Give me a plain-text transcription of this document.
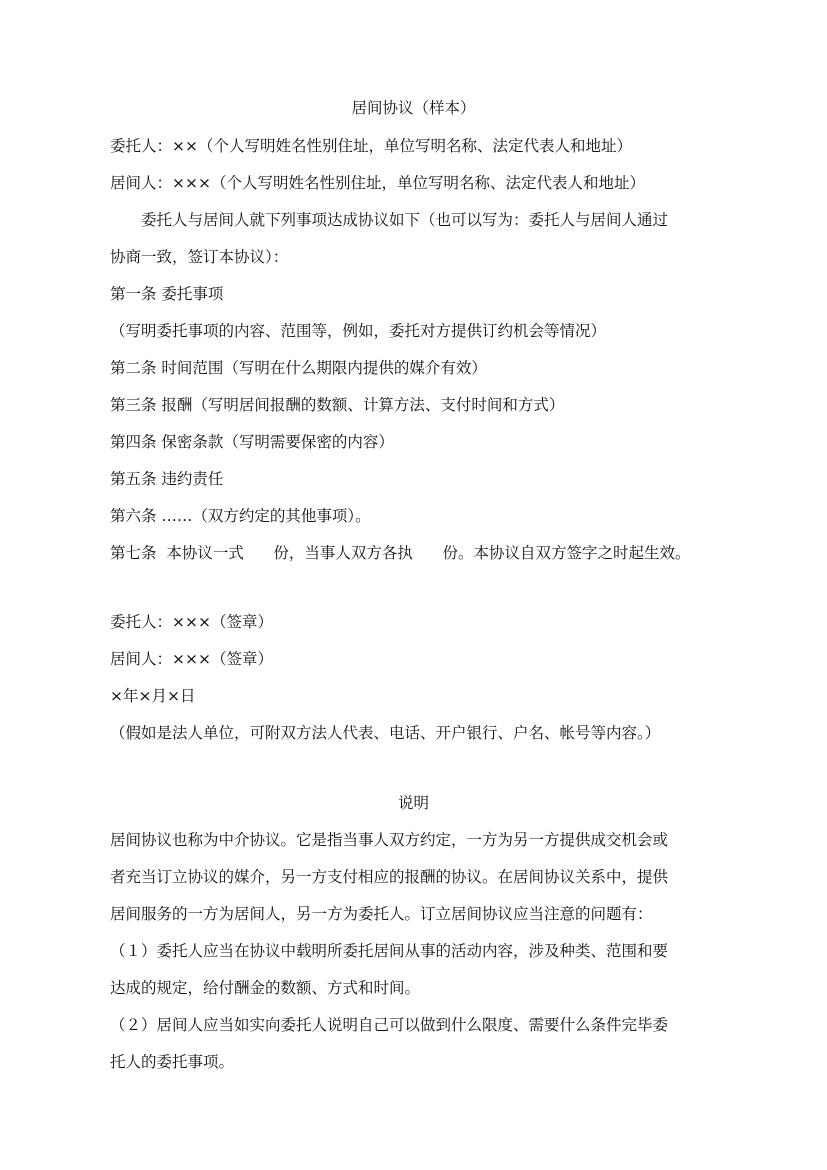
居间协议（样本）
委托人：××（个人写明姓名性别住址，单位写明名称、法定代表人和地址）
居间人：×××（个人写明姓名性别住址，单位写明名称、法定代表人和地址）
　　委托人与居间人就下列事项达成协议如下（也可以写为：委托人与居间人通过
协商一致，签订本协议）：
第一条 委托事项
（写明委托事项的内容、范围等，例如，委托对方提供订约机会等情况）
第二条 时间范围（写明在什么期限内提供的媒介有效）
第三条 报酬（写明居间报酬的数额、计算方法、支付时间和方式）
第四条 保密条款（写明需要保密的内容）
第五条 违约责任
第六条 ……（双方约定的其他事项）。
第七条  本协议一式      份，当事人双方各执      份。本协议自双方签字之时起生效。
委托人：×××（签章）
居间人：×××（签章）
×年×月×日
（假如是法人单位，可附双方法人代表、电话、开户银行、户名、帐号等内容。）
说明
居间协议也称为中介协议。它是指当事人双方约定，一方为另一方提供成交机会或
者充当订立协议的媒介，另一方支付相应的报酬的协议。在居间协议关系中，提供
居间服务的一方为居间人，另一方为委托人。订立居间协议应当注意的问题有：
（１）委托人应当在协议中载明所委托居间从事的活动内容，涉及种类、范围和要
达成的规定，给付酬金的数额、方式和时间。
（２）居间人应当如实向委托人说明自己可以做到什么限度、需要什么条件完毕委
托人的委托事项。
